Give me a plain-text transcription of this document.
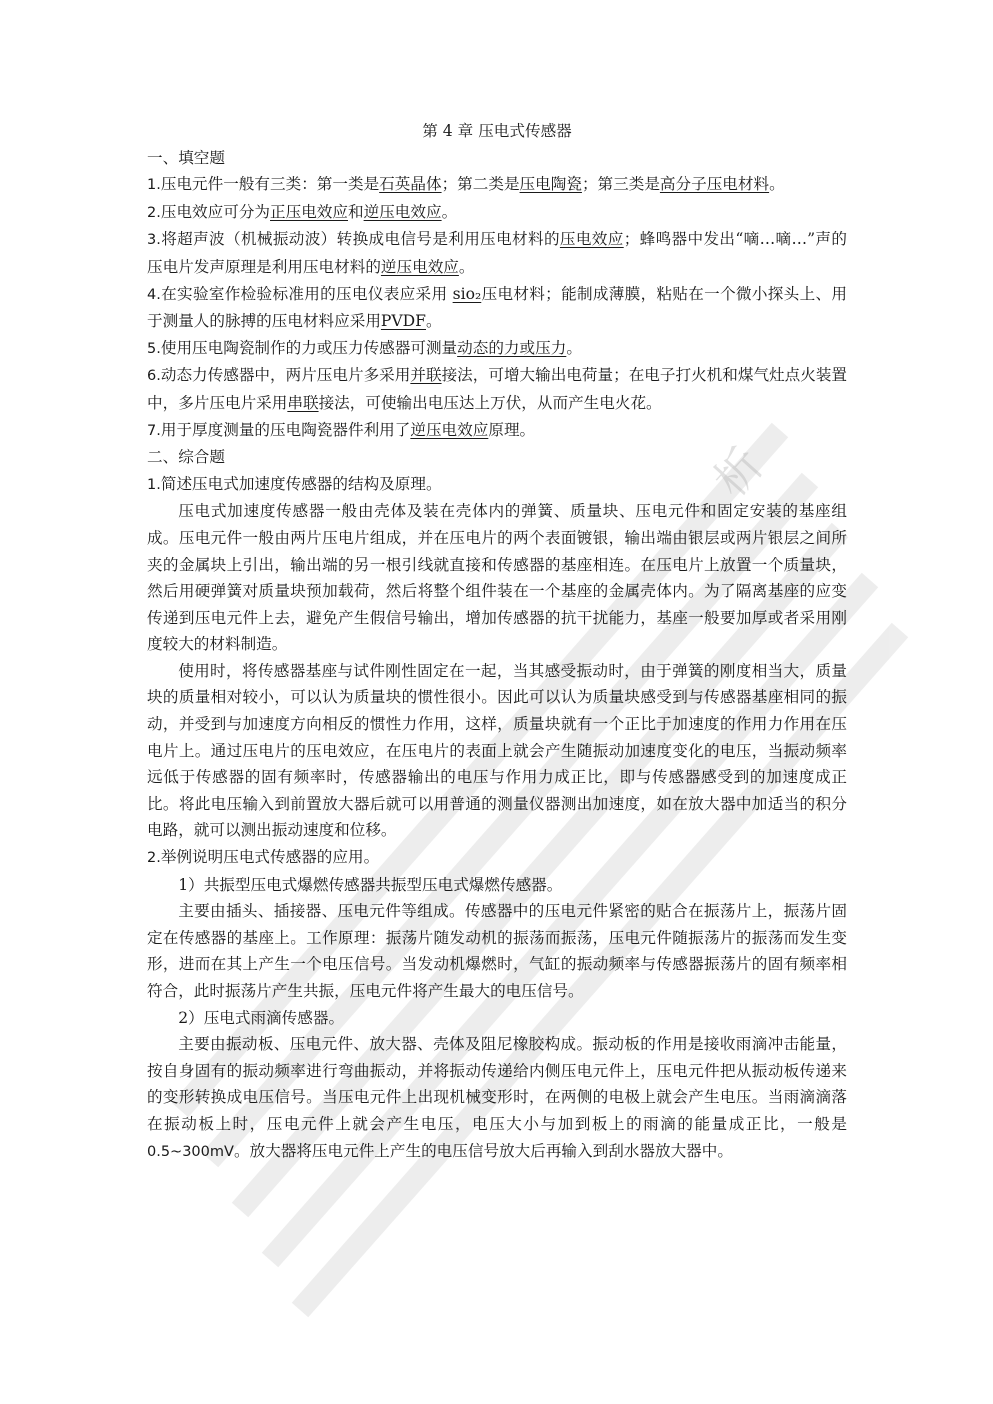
析

第 4 章 压电式传感器

一、填空题

1.压电元件一般有三类：第一类是石英晶体；第二类是压电陶瓷；第三类是高分子压电材料。

2.压电效应可分为正压电效应和逆压电效应。

3.将超声波（机械振动波）转换成电信号是利用压电材料的压电效应；蜂鸣器中发出“嘀…嘀…”声的压电片发声原理是利用压电材料的逆压电效应。

4.在实验室作检验标准用的压电仪表应采用 sio₂压电材料；能制成薄膜，粘贴在一个微小探头上、用于测量人的脉搏的压电材料应采用PVDF。

5.使用压电陶瓷制作的力或压力传感器可测量动态的力或压力。

6.动态力传感器中，两片压电片多采用并联接法，可增大输出电荷量；在电子打火机和煤气灶点火装置中，多片压电片采用串联接法，可使输出电压达上万伏，从而产生电火花。

7.用于厚度测量的压电陶瓷器件利用了逆压电效应原理。

二、综合题

1.简述压电式加速度传感器的结构及原理。

压电式加速度传感器一般由壳体及装在壳体内的弹簧、质量块、压电元件和固定安装的基座组成。压电元件一般由两片压电片组成，并在压电片的两个表面镀银，输出端由银层或两片银层之间所夹的金属块上引出，输出端的另一根引线就直接和传感器的基座相连。在压电片上放置一个质量块，然后用硬弹簧对质量块预加载荷，然后将整个组件装在一个基座的金属壳体内。为了隔离基座的应变传递到压电元件上去，避免产生假信号输出，增加传感器的抗干扰能力，基座一般要加厚或者采用刚度较大的材料制造。

使用时，将传感器基座与试件刚性固定在一起，当其感受振动时，由于弹簧的刚度相当大，质量块的质量相对较小，可以认为质量块的惯性很小。因此可以认为质量块感受到与传感器基座相同的振动，并受到与加速度方向相反的惯性力作用，这样，质量块就有一个正比于加速度的作用力作用在压电片上。通过压电片的压电效应，在压电片的表面上就会产生随振动加速度变化的电压，当振动频率远低于传感器的固有频率时，传感器输出的电压与作用力成正比，即与传感器感受到的加速度成正比。将此电压输入到前置放大器后就可以用普通的测量仪器测出加速度，如在放大器中加适当的积分电路，就可以测出振动速度和位移。

2.举例说明压电式传感器的应用。

1）共振型压电式爆燃传感器共振型压电式爆燃传感器。

主要由插头、插接器、压电元件等组成。传感器中的压电元件紧密的贴合在振荡片上，振荡片固定在传感器的基座上。工作原理：振荡片随发动机的振荡而振荡，压电元件随振荡片的振荡而发生变形，进而在其上产生一个电压信号。当发动机爆燃时，气缸的振动频率与传感器振荡片的固有频率相符合，此时振荡片产生共振，压电元件将产生最大的电压信号。

2）压电式雨滴传感器。

主要由振动板、压电元件、放大器、壳体及阻尼橡胶构成。振动板的作用是接收雨滴冲击能量，按自身固有的振动频率进行弯曲振动，并将振动传递给内侧压电元件上，压电元件把从振动板传递来的变形转换成电压信号。当压电元件上出现机械变形时，在两侧的电极上就会产生电压。当雨滴滴落在振动板上时，压电元件上就会产生电压，电压大小与加到板上的雨滴的能量成正比，一般是 0.5~300mV。放大器将压电元件上产生的电压信号放大后再输入到刮水器放大器中。
